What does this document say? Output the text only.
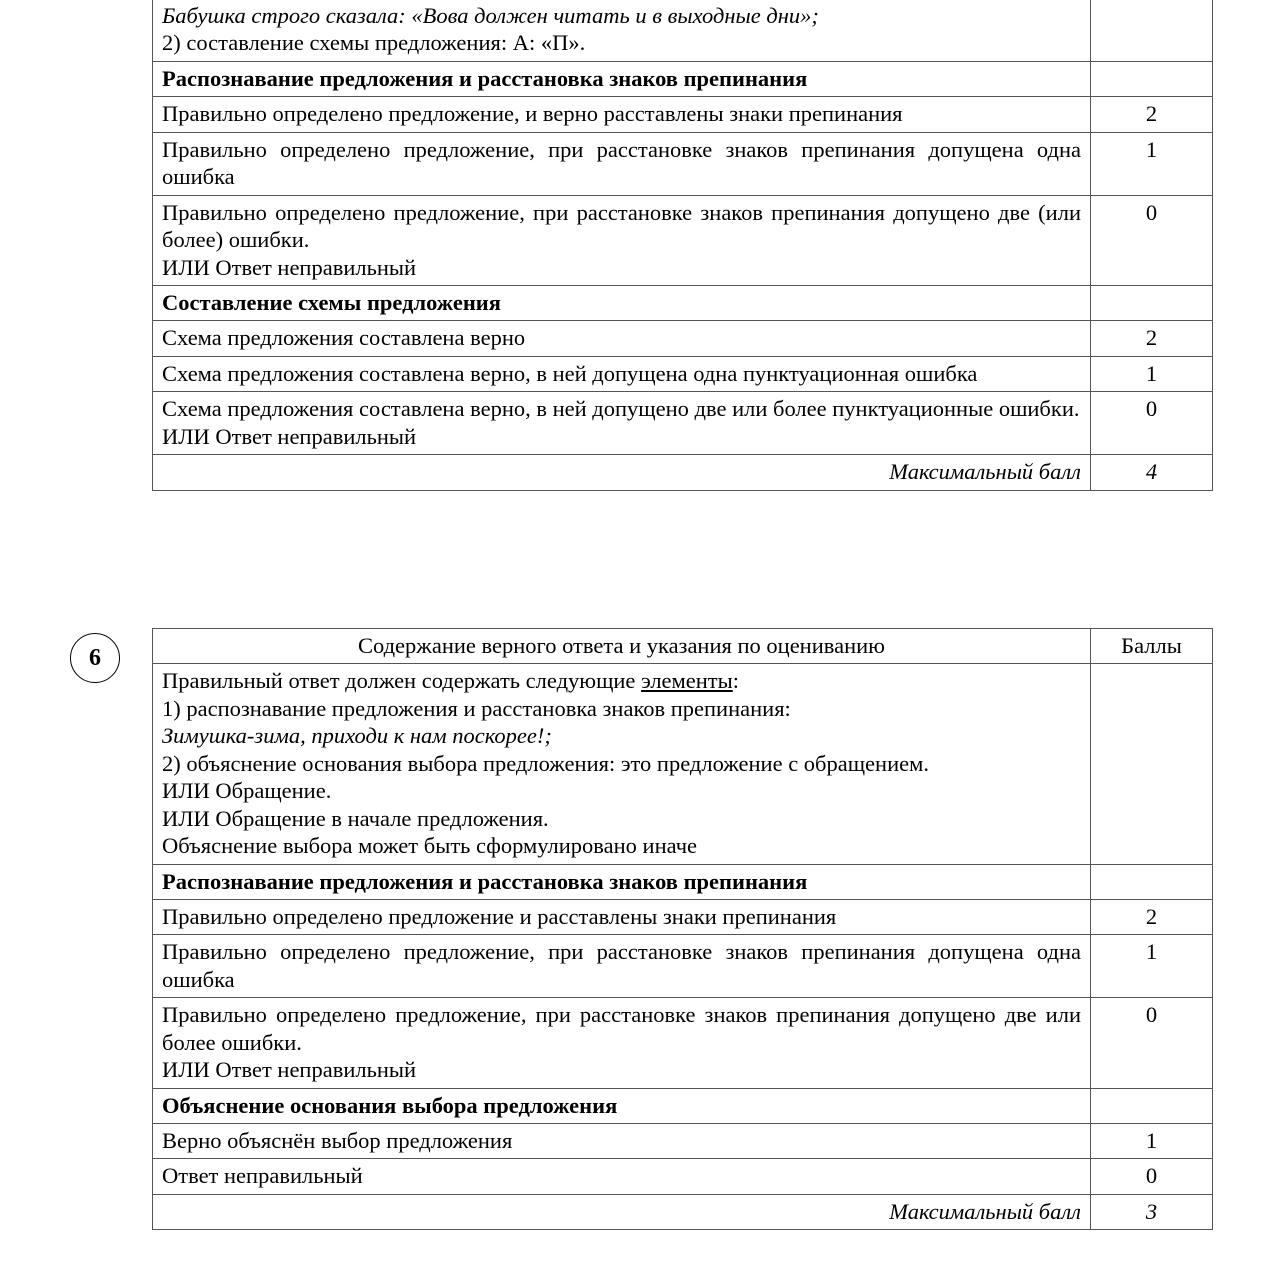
Бабушка строго сказала: «Вова должен читать и в выходные дни»;
2) составление схемы предложения: А: «П».	

Распознавание предложения и расстановка знаков препинания	

Правильно определено предложение, и верно расставлены знаки препинания	2

Правильно определено предложение, при расстановке знаков препинания допущена одна ошибка	1

Правильно определено предложение, при расстановке знаков препинания допущено две (или более) ошибки.
ИЛИ Ответ неправильный	0

Составление схемы предложения	

Схема предложения составлена верно	2

Схема предложения составлена верно, в ней допущена одна пунктуационная ошибка	1

Схема предложения составлена верно, в ней допущено две или более пунктуационные ошибки.
ИЛИ Ответ неправильный	0
Максимальный балл	4
6	Содержание верного ответа и указания по оцениванию	Баллы

Правильный ответ должен содержать следующие элементы:
1) распознавание предложения и расстановка знаков препинания:
Зимушка-зима, приходи к нам поскорее!;
2) объяснение основания выбора предложения: это предложение с обращением.
ИЛИ Обращение.
ИЛИ Обращение в начале предложения.
Объяснение выбора может быть сформулировано иначе

Распознавание предложения и расстановка знаков препинания	

Правильно определено предложение и расставлены знаки препинания	2

Правильно определено предложение, при расстановке знаков препинания допущена одна ошибка	1

Правильно определено предложение, при расстановке знаков препинания допущено две или более ошибки.
ИЛИ Ответ неправильный	0

Объяснение основания выбора предложения	

Верно объяснён выбор предложения	1

Ответ неправильный	0
Максимальный балл	3
